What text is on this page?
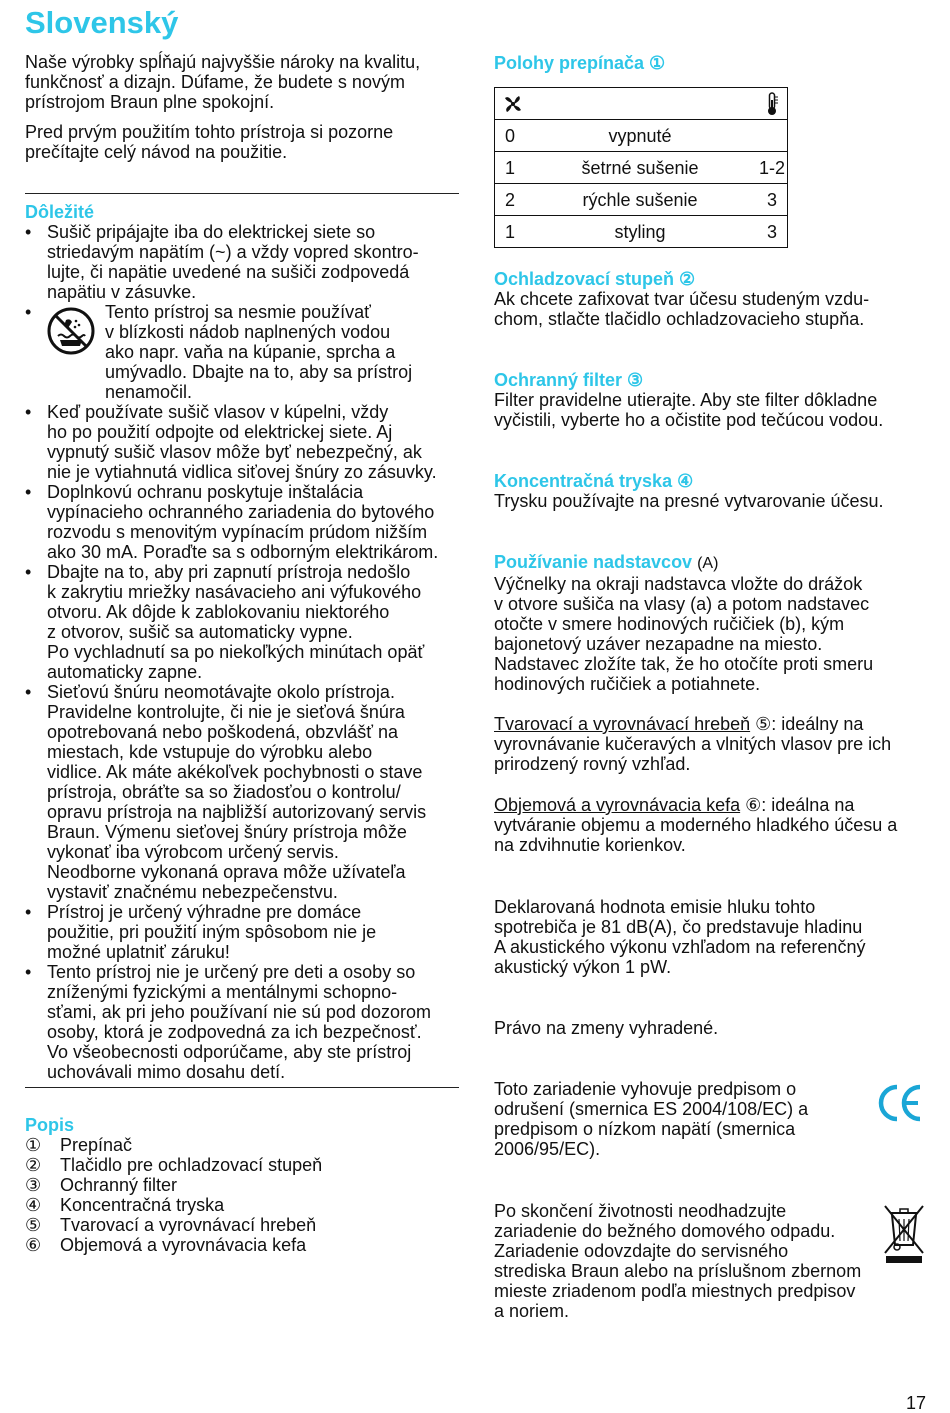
Slovenský

Naše výrobky spĺňajú najvyššie nároky na kvalitu,

funkčnosť a dizajn. Dúfame, že budete s novým

prístrojom Braun plne spokojní.

Pred prvým použitím tohto prístroja si pozorne

prečítajte celý návod na použitie.

Dôležité
• Sušič pripájajte iba do elektrickej siete so

striedavým napätím (~) a vždy vopred skontro-

lujte, či napätie uvedené na sušiči zodpovedá

napätiu v zásuvke.

•	Tento prístroj sa nesmie používať

v blízkosti nádob naplnených vodou

ako napr. vaňa na kúpanie, sprcha a

umývadlo. Dbajte na to, aby sa prístroj

nenamočil.

• Keď používate sušič vlasov v kúpelni, vždy

ho po použití odpojte od elektrickej siete. Aj

vypnutý sušič vlasov môže byť nebezpečný, ak

nie je vytiahnutá vidlica siťovej šnúry zo zásuvky.

• Doplnkovú ochranu poskytuje inštalácia

vypínacieho ochranného zariadenia do bytového

rozvodu s menovitým vypínacím prúdom nižším

ako 30 mA. Poraďte sa s odborným elektrikárom.

• Dbajte na to, aby pri zapnutí prístroja nedošlo

k zakrytiu mriežky nasávacieho ani výfukového

otvoru. Ak dôjde k zablokovaniu niektorého

z otvorov, sušič sa automaticky vypne.

Po vychladnutí sa po niekoľkých minútach opäť

automaticky zapne.

• Sieťovú šnúru neomotávajte okolo prístroja.

Pravidelne kontrolujte, či nie je sieťová šnúra

opotrebovaná nebo poškodená, obzvlášť na

miestach, kde vstupuje do výrobku alebo

vidlice. Ak máte akékoľvek pochybnosti o stave

prístroja, obráťte sa so žiadosťou o kontrolu/

opravu prístroja na najbližší autorizovaný servis

Braun. Výmenu sieťovej šnúry prístroja môže

vykonať iba výrobcom určený servis.

Neodborne vykonaná oprava môže užívateľa

vystaviť značnému nebezpečenstvu.

• Prístroj je určený výhradne pre domáce

použitie, pri použití iným spôsobom nie je

možné uplatniť záruku!

• Tento prístroj nie je určený pre deti a osoby so

zníženými fyzickými a mentálnymi schopno-

sťami, ak pri jeho používaní nie sú pod dozorom

osoby, ktorá je zodpovedná za ich bezpečnosť.

Vo všeobecnosti odporúčame, aby ste prístroj

uchovávali mimo dosahu detí.

Popis
①	Prepínač
②	Tlačidlo pre ochladzovací stupeň
③	Ochranný filter
④	Koncentračná tryska
⑤	Tvarovací a vyrovnávací hrebeň
⑥	Objemová a vyrovnávacia kefa
Polohy prepínača ①

0	vypnuté	
1	šetrné sušenie	1-2
2	rýchle sušenie	3
1	styling	3
Ochladzovací stupeň ②

Ak chcete zafixovat tvar účesu studeným vzdu-

chom, stlačte tlačidlo ochladzovacieho stupňa.

Ochranný filter ③

Filter pravidelne utierajte. Aby ste filter dôkladne

vyčistili, vyberte ho a očistite pod tečúcou vodou.

Koncentračná tryska ④

Trysku používajte na presné vytvarovanie účesu.

Používanie nadstavcov (A)

Výčnelky na okraji nadstavca vložte do drážok

v otvore sušiča na vlasy (a) a potom nadstavec

otočte v smere hodinových ručičiek (b), kým

bajonetový uzáver nezapadne na miesto.

Nadstavec zložíte tak, že ho otočíte proti smeru

hodinových ručičiek a potiahnete.

Tvarovací a vyrovnávací hrebeň ⑤: ideálny na

vyrovnávanie kučeravých a vlnitých vlasov pre ich

prirodzený rovný vzhľad.

Objemová a vyrovnávacia kefa ⑥: ideálna na

vytváranie objemu a moderného hladkého účesu a

na zdvihnutie korienkov.

Deklarovaná hodnota emisie hluku tohto

spotrebiča je 81 dB(A), čo predstavuje hladinu

A akustického výkonu vzhľadom na referenčný

akustický výkon 1 pW.

Právo na zmeny vyhradené.

Toto zariadenie vyhovuje predpisom o

odrušení (smernica ES 2004/108/EC) a

predpisom o nízkom napätí (smernica

2006/95/EC).

Po skončení životnosti neodhadzujte

zariadenie do bežného domového odpadu.

Zariadenie odovzdajte do servisného

strediska Braun alebo na príslušnom zbernom

mieste zriadenom podľa miestnych predpisov

a noriem.

17
